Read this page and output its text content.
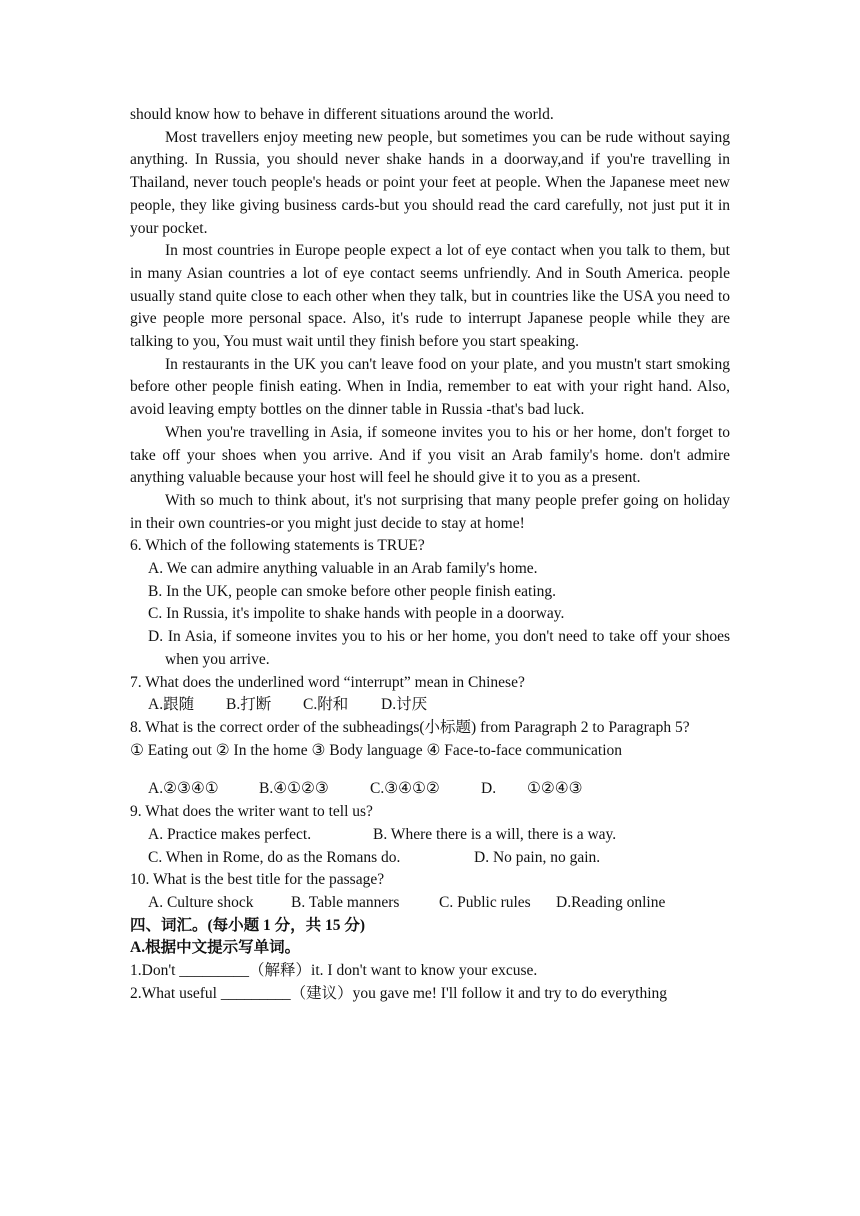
should know how to behave in different situations around the world.

Most travellers enjoy meeting new people, but sometimes you can be rude without saying anything. In Russia, you should never shake hands in a doorway,and if you're travelling in Thailand, never touch people's heads or point your feet at people. When the Japanese meet new people, they like giving business cards-but you should read the card carefully, not just put it in your pocket.

In most countries in Europe people expect a lot of eye contact when you talk to them, but in many Asian countries a lot of eye contact seems unfriendly. And in South America. people usually stand quite close to each other when they talk, but in countries like the USA you need to give people more personal space. Also, it's rude to interrupt Japanese people while they are talking to you, You must wait until they finish before you start speaking.

In restaurants in the UK you can't leave food on your plate, and you mustn't start smoking before other people finish eating. When in India, remember to eat with your right hand. Also, avoid leaving empty bottles on the dinner table in Russia -that's bad luck.

When you're travelling in Asia, if someone invites you to his or her home, don't forget to take off your shoes when you arrive. And if you visit an Arab family's home. don't admire anything valuable because your host will feel he should give it to you as a present.

With so much to think about, it's not surprising that many people prefer going on holiday in their own countries-or you might just decide to stay at home!

6. Which of the following statements is TRUE?

A. We can admire anything valuable in an Arab family's home.

B. In the UK, people can smoke before other people finish eating.

C. In Russia, it's impolite to shake hands with people in a doorway.

D. In Asia, if someone invites you to his or her home, you don't need to take off your shoes when you arrive.

7. What does the underlined word “interrupt” mean in Chinese?

A.跟随	B.打断	C.附和	D.讨厌

8. What is the correct order of the subheadings(小标题) from Paragraph 2 to Paragraph 5?

① Eating out ② In the home ③ Body language ④ Face-to-face communication

A.②③④①	B.④①②③	C.③④①②	D.	①②④③

9. What does the writer want to tell us?

A. Practice makes perfect.	B. Where there is a will, there is a way.
C. When in Rome, do as the Romans do.	D. No pain, no gain.

10. What is the best title for the passage?

A. Culture shock	B. Table manners	C. Public rules	D.Reading online

四、词汇。(每小题 1 分，共 15 分)

A.根据中文提示写单词。

1.Don't _________（解释）it. I don't want to know your excuse.

2.What useful _________（建议）you gave me! I'll follow it and try to do everything
